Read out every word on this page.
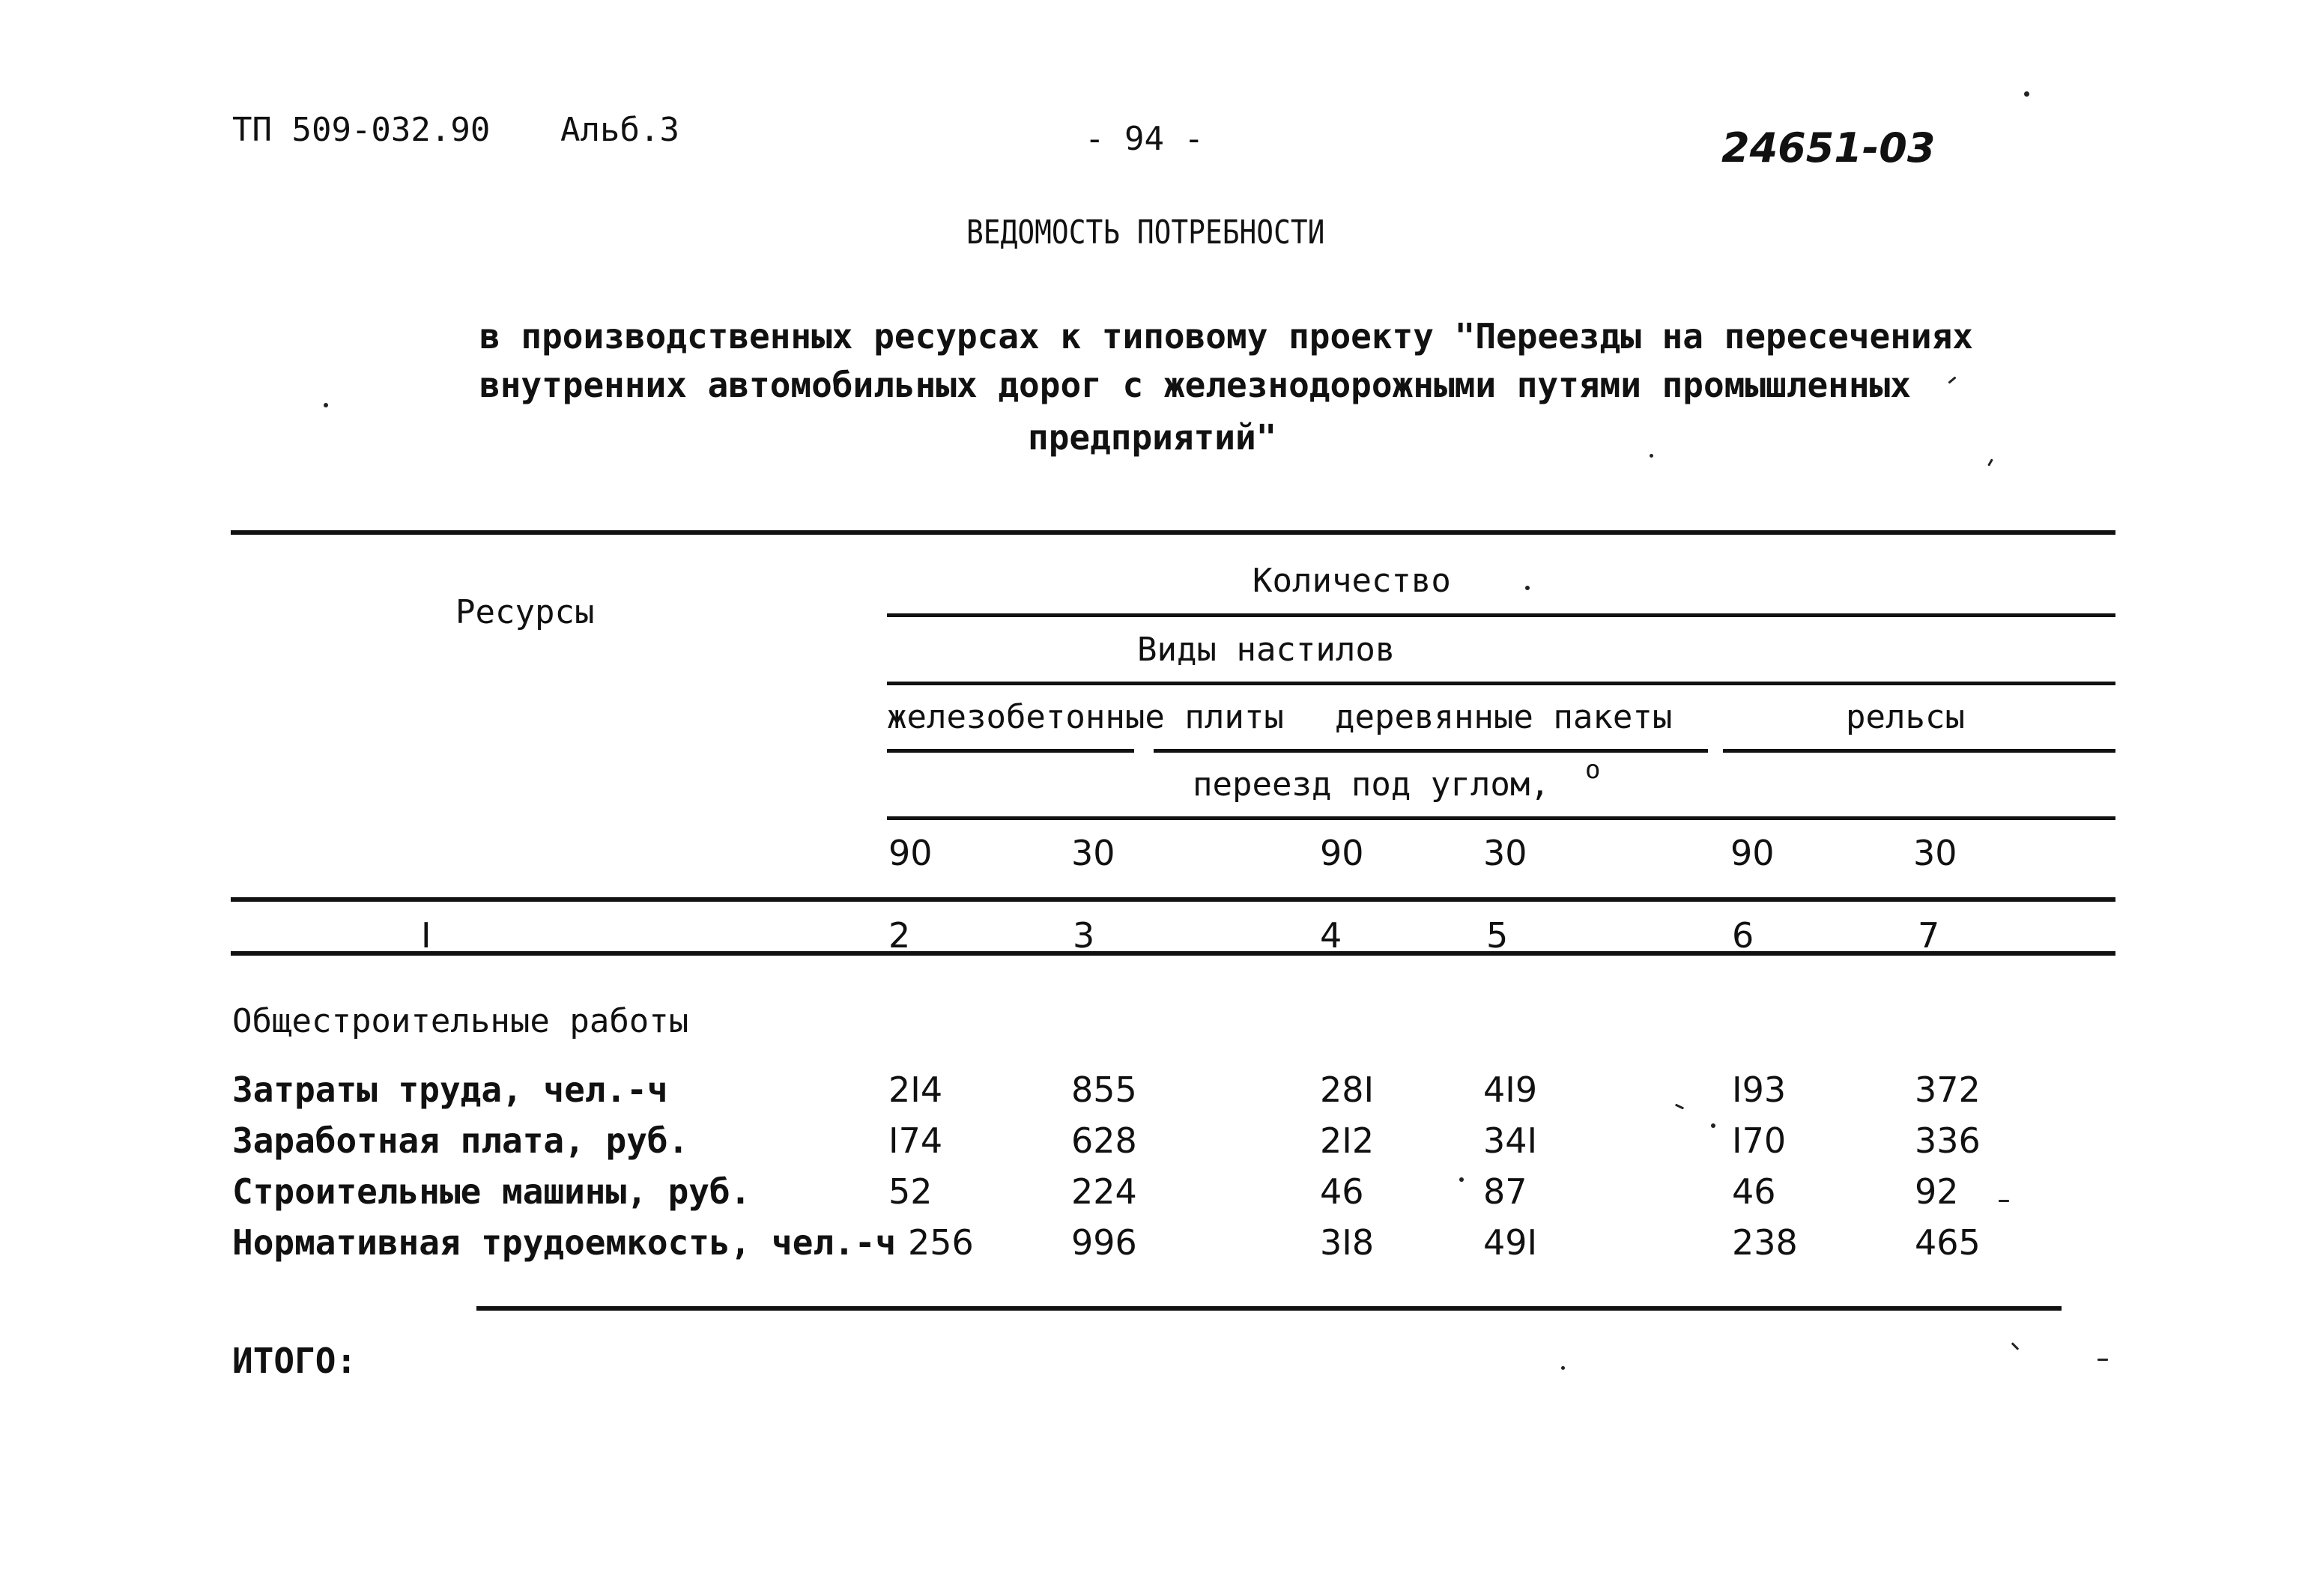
ТП 509-032.90 Альб.3	- 94 -	24651-03
ВЕДОМОСТЬ ПОТРЕБНОСТИ
в производственных ресурсах к типовому проекту "Переезды на пересечениях
внутренних автомобильных дорог с железнодорожными путями промышленных
предприятий"
Ресурсы
Количество
Виды настилов
железобетонные плиты деревянные пакеты	рельсы
переезд под углом, о
90	30	90	30	90	30
I	2	3	4	5	6	7
Общестроительные работы
Затраты труда, чел.-ч	2I4	855	28I	4I9	I93	372
Заработная плата, руб.	I74	628	2I2	34I	I70	336
Строительные машины, руб.	52	224	46	87	46	92
Нормативная трудоемкость, чел.-ч 256	996	3I8	49I	238	465
ИТОГО:
